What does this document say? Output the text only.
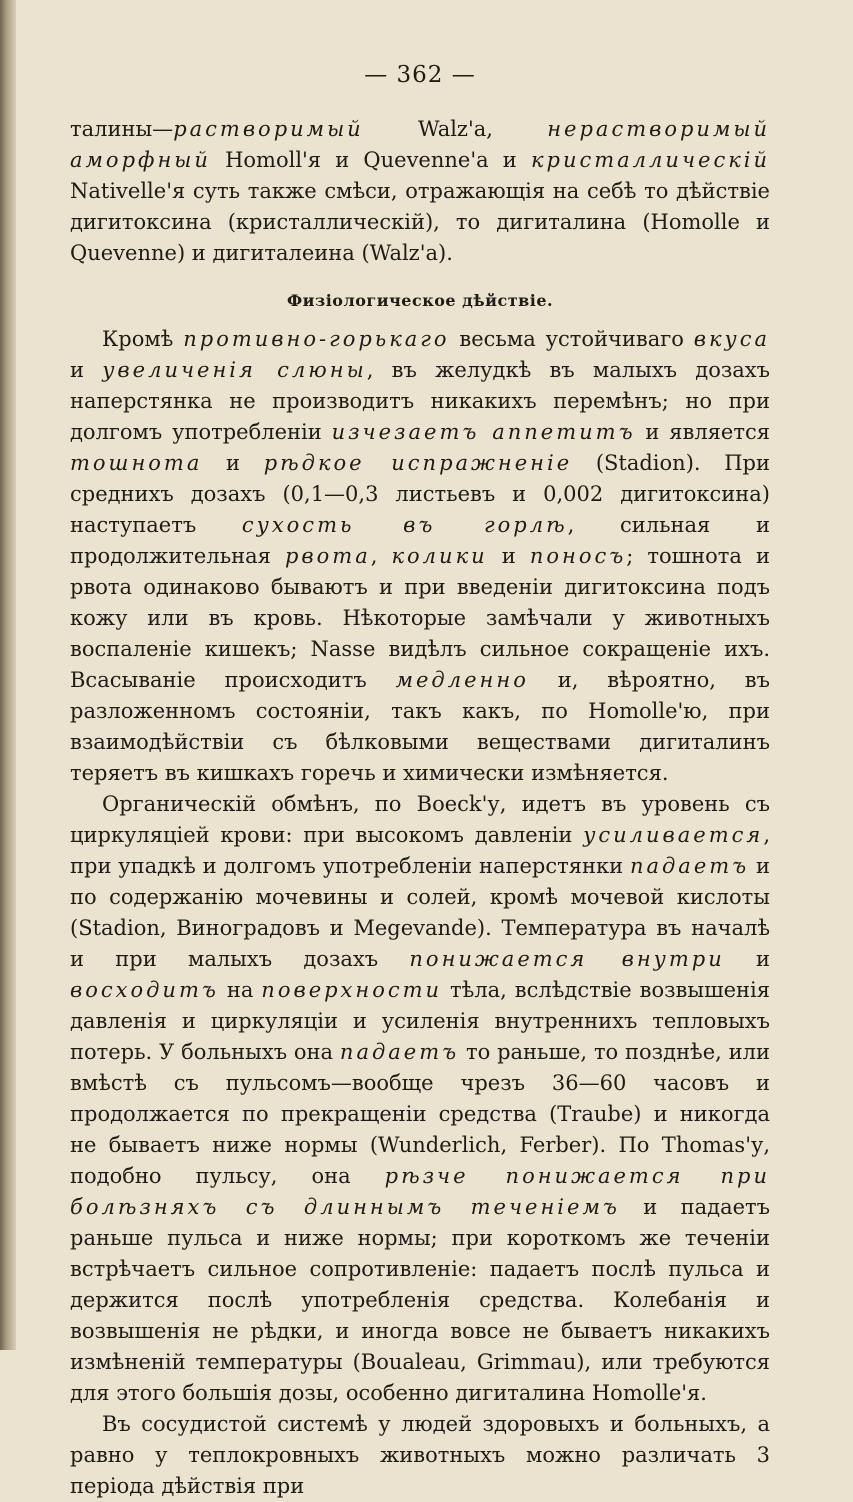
— 362 —

талины—растворимый Walz'а, нерастворимый аморфный Homoll'я и Quevenne'а и кристаллическій Nativelle'я суть также смѣси, отражающія на себѣ то дѣйствіе дигитоксина (кристаллическій), то дигиталина (Homolle и Quevenne) и дигиталеина (Walz'а).

Физіологическое дѣйствіе.

Кромѣ противно-горькаго весьма устойчиваго вкуса и увеличенія слюны, въ желудкѣ въ малыхъ дозахъ наперстянка не производитъ никакихъ перемѣнъ; но при долгомъ употребленіи изчезаетъ аппетитъ и является тошнота и рѣдкое испражненіе (Stadion). При среднихъ дозахъ (0,1—0,3 листьевъ и 0,002 дигитоксина) наступаетъ сухость въ горлѣ, сильная и продолжительная рвота, колики и поносъ; тошнота и рвота одинаково бываютъ и при введеніи дигитоксина подъ кожу или въ кровь. Нѣкоторые замѣчали у животныхъ воспаленіе кишекъ; Nasse видѣлъ сильное сокращеніе ихъ. Всасываніе происходитъ медленно и, вѣроятно, въ разложенномъ состояніи, такъ какъ, по Homolle'ю, при взаимодѣйствіи съ бѣлковыми веществами дигиталинъ теряетъ въ кишкахъ горечь и химически измѣняется.

Органическій обмѣнъ, по Boeck'у, идетъ въ уровень съ циркуляціей крови: при высокомъ давленіи усиливается, при упадкѣ и долгомъ употребленіи наперстянки падаетъ и по содержанію мочевины и солей, кромѣ мочевой кислоты (Stadion, Виноградовъ и Megevande). Температура въ началѣ и при малыхъ дозахъ понижается внутри и восходитъ на поверхности тѣла, вслѣдствіе возвышенія давленія и циркуляціи и усиленія внутреннихъ тепловыхъ потерь. У больныхъ она падаетъ то раньше, то позднѣе, или вмѣстѣ съ пульсомъ—вообще чрезъ 36—60 часовъ и продолжается по прекращеніи средства (Traube) и никогда не бываетъ ниже нормы (Wunderlich, Ferber). По Thomas'у, подобно пульсу, она рѣзче понижается при болѣзняхъ съ длиннымъ теченіемъ и падаетъ раньше пульса и ниже нормы; при короткомъ же теченіи встрѣчаетъ сильное сопротивленіе: падаетъ послѣ пульса и держится послѣ употребленія средства. Колебанія и возвышенія не рѣдки, и иногда вовсе не бываетъ никакихъ измѣненій температуры (Boualeau, Grimmau), или требуются для этого большія дозы, особенно дигиталина Homolle'я.

Въ сосудистой системѣ у людей здоровыхъ и больныхъ, а равно у теплокровныхъ животныхъ можно различать 3 періода дѣйствія при
